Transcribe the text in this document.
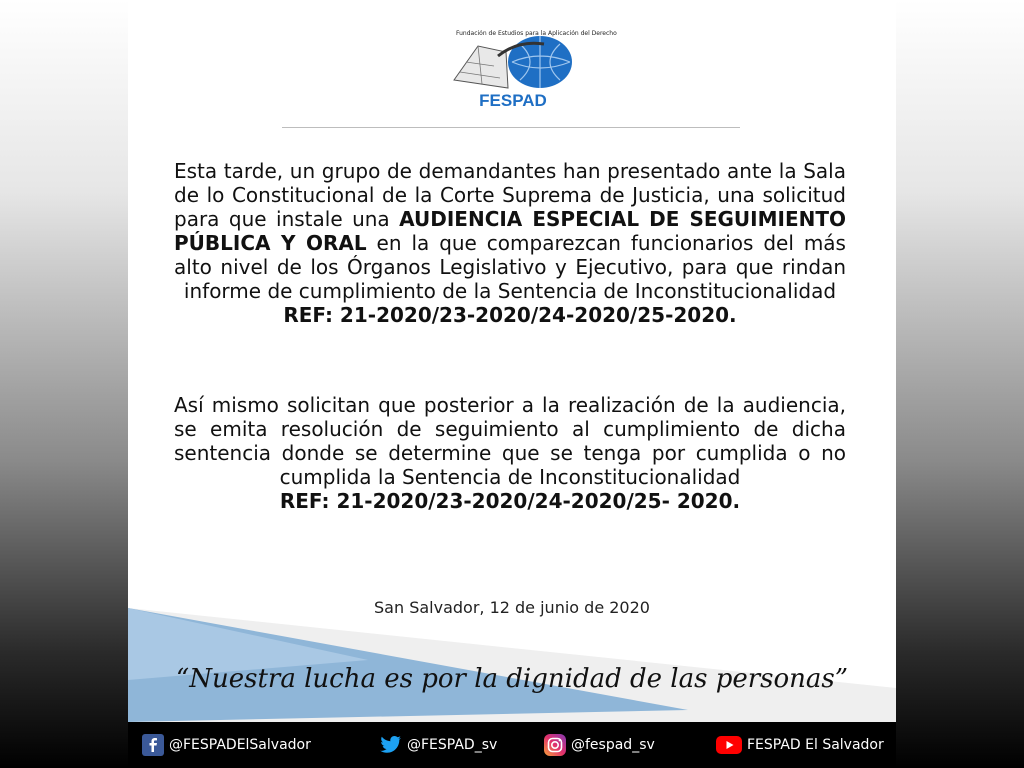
Fundación de Estudios para la Aplicación del Derecho
FESPAD
Esta tarde, un grupo de demandantes han presentado ante la Sala de lo Constitucional de la Corte Suprema de Justicia, una solicitud para que instale una AUDIENCIA ESPECIAL DE SEGUIMIENTO PÚBLICA Y ORAL en la que comparezcan funcionarios del más alto nivel de los Órganos Legislativo y Ejecutivo, para que rindan informe de cumplimiento de la Sentencia de Inconstitucionalidad
REF: 21-2020/23-2020/24-2020/25-2020.
Así mismo solicitan que posterior a la realización de la audiencia, se emita resolución de seguimiento al cumplimiento de dicha sentencia donde se determine que se tenga por cumplida o no cumplida la Sentencia de Inconstitucionalidad
REF: 21-2020/23-2020/24-2020/25- 2020.
San Salvador, 12 de junio de 2020
“Nuestra lucha es por la dignidad de las personas”
@FESPADElSalvador	@FESPAD_sv	@fespad_sv	FESPAD El Salvador
